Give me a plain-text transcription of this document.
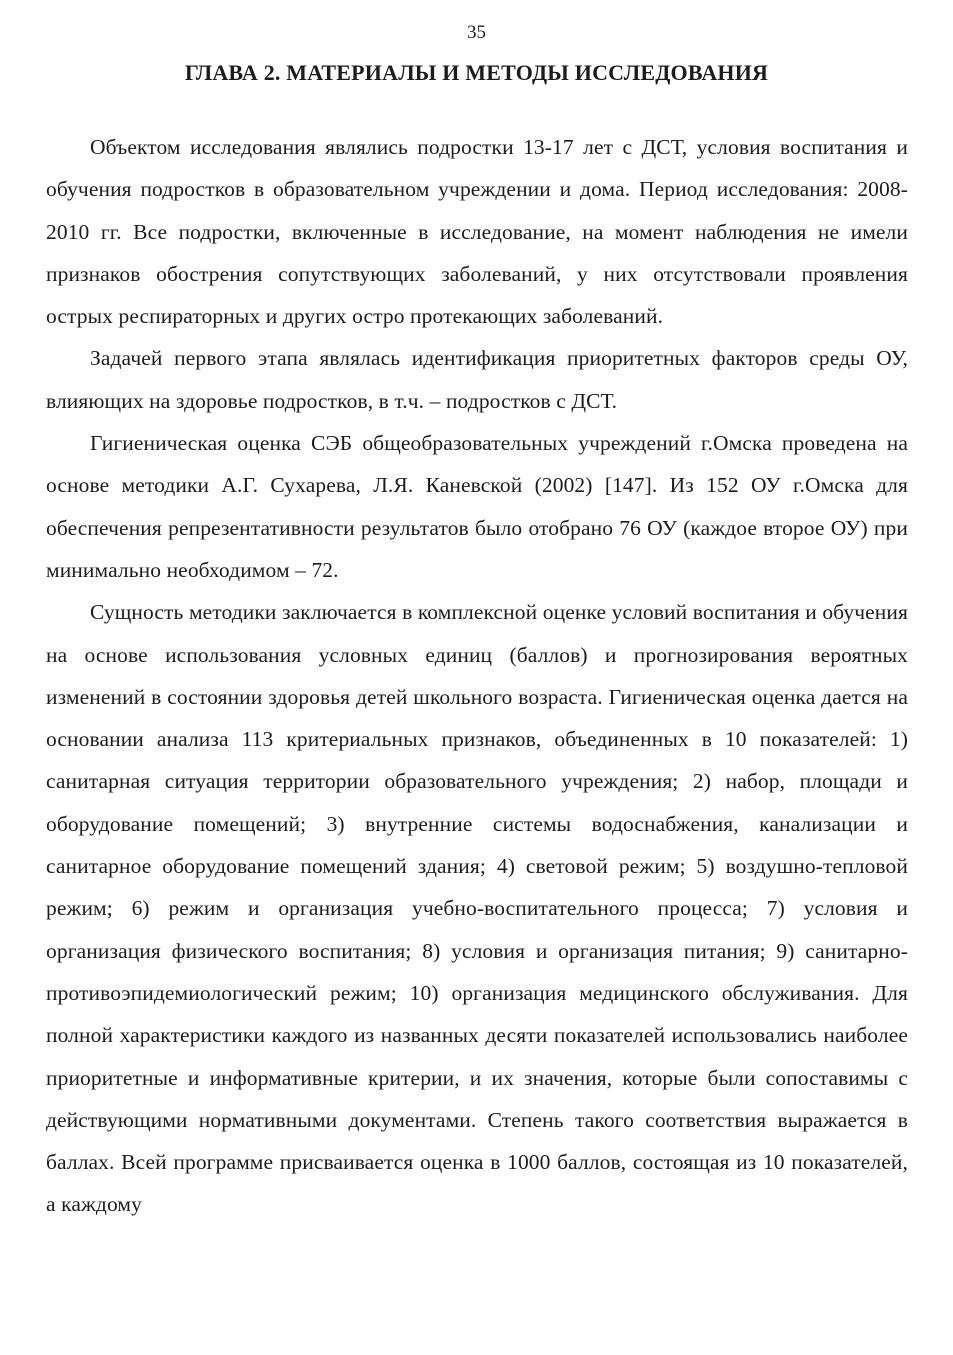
35
ГЛАВА 2. МАТЕРИАЛЫ И МЕТОДЫ ИССЛЕДОВАНИЯ

Объектом исследования являлись подростки 13-17 лет с ДСТ, условия воспитания и обучения подростков в образовательном учреждении и дома. Период исследования: 2008-2010 гг. Все подростки, включенные в исследование, на момент наблюдения не имели признаков обострения сопутствующих заболеваний, у них отсутствовали проявления острых респираторных и других остро протекающих заболеваний.

Задачей первого этапа являлась идентификация приоритетных факторов среды ОУ, влияющих на здоровье подростков, в т.ч. – подростков с ДСТ.

Гигиеническая оценка СЭБ общеобразовательных учреждений г.Омска проведена на основе методики А.Г. Сухарева, Л.Я. Каневской (2002) [147]. Из 152 ОУ г.Омска для обеспечения репрезентативности результатов было отобрано 76 ОУ (каждое второе ОУ) при минимально необходимом – 72.

Сущность методики заключается в комплексной оценке условий воспитания и обучения на основе использования условных единиц (баллов) и прогнозирования вероятных изменений в состоянии здоровья детей школьного возраста. Гигиеническая оценка дается на основании анализа 113 критериальных признаков, объединенных в 10 показателей: 1) санитарная ситуация территории образовательного учреждения; 2) набор, площади и оборудование помещений; 3) внутренние системы водоснабжения, канализации и санитарное оборудование помещений здания; 4) световой режим; 5) воздушно-тепловой режим; 6) режим и организация учебно-воспитательного процесса; 7) условия и организация физического воспитания; 8) условия и организация питания; 9) санитарно-противоэпидемиологический режим; 10) организация медицинского обслуживания. Для полной характеристики каждого из названных десяти показателей использовались наиболее приоритетные и информативные критерии, и их значения, которые были сопоставимы с действующими нормативными документами. Степень такого соответствия выражается в баллах. Всей программе присваивается оценка в 1000 баллов, состоящая из 10 показателей, а каждому
